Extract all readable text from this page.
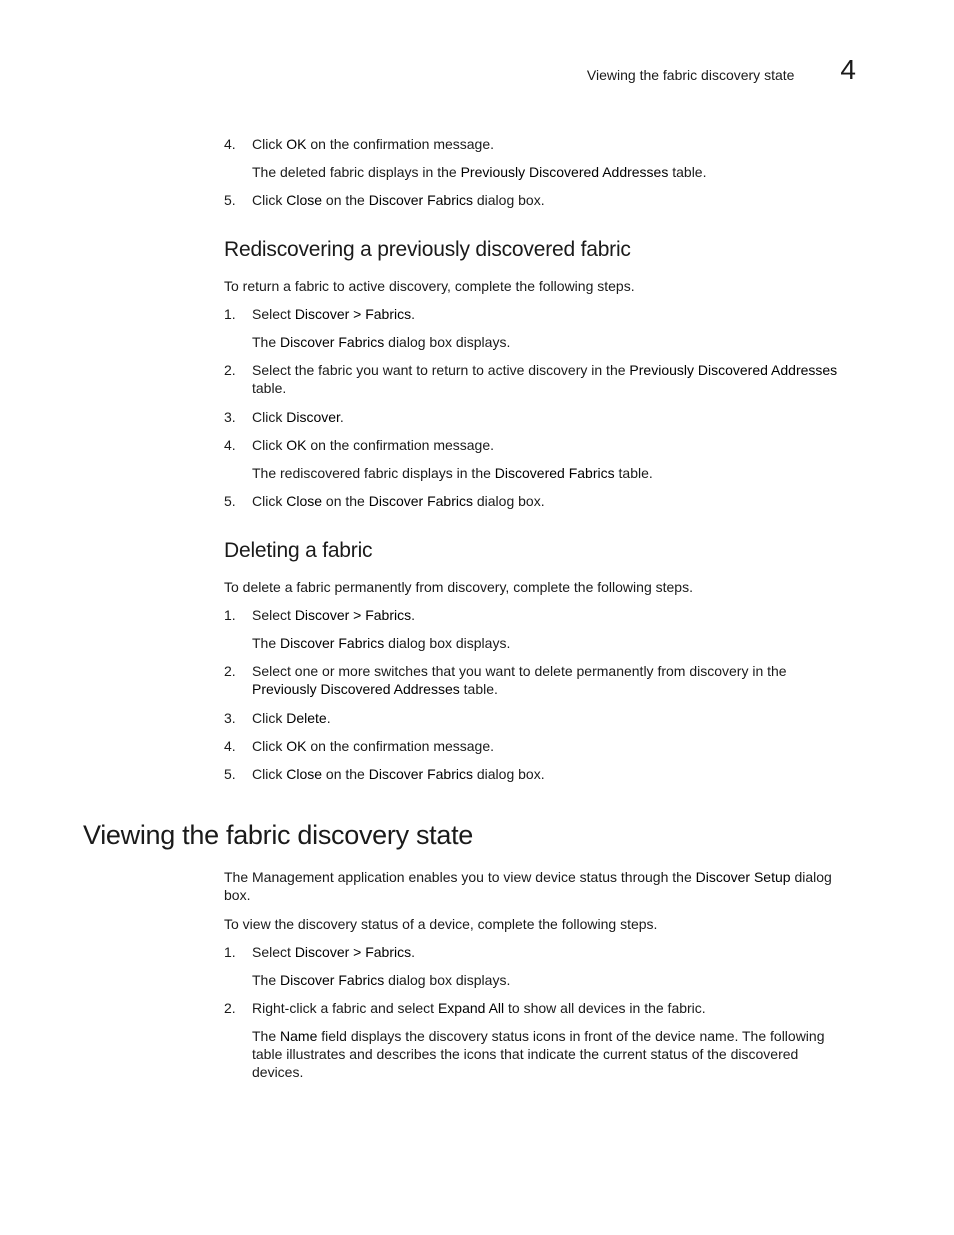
Viewing the fabric discovery state 4
4.	Click OK on the confirmation message.
The deleted fabric displays in the Previously Discovered Addresses table.
5.	Click Close on the Discover Fabrics dialog box.
Rediscovering a previously discovered fabric
To return a fabric to active discovery, complete the following steps.
1.	Select Discover > Fabrics.
The Discover Fabrics dialog box displays.
2.	Select the fabric you want to return to active discovery in the Previously Discovered Addresses
table.
3.	Click Discover.
4.	Click OK on the confirmation message.
The rediscovered fabric displays in the Discovered Fabrics table.
5.	Click Close on the Discover Fabrics dialog box.
Deleting a fabric
To delete a fabric permanently from discovery, complete the following steps.
1.	Select Discover > Fabrics.
The Discover Fabrics dialog box displays.
2.	Select one or more switches that you want to delete permanently from discovery in the
Previously Discovered Addresses table.
3.	Click Delete.
4.	Click OK on the confirmation message.
5.	Click Close on the Discover Fabrics dialog box.
Viewing the fabric discovery state
The Management application enables you to view device status through the Discover Setup dialog
box.
To view the discovery status of a device, complete the following steps.
1.	Select Discover > Fabrics.
The Discover Fabrics dialog box displays.
2.	Right-click a fabric and select Expand All to show all devices in the fabric.
The Name field displays the discovery status icons in front of the device name. The following
table illustrates and describes the icons that indicate the current status of the discovered
devices.
